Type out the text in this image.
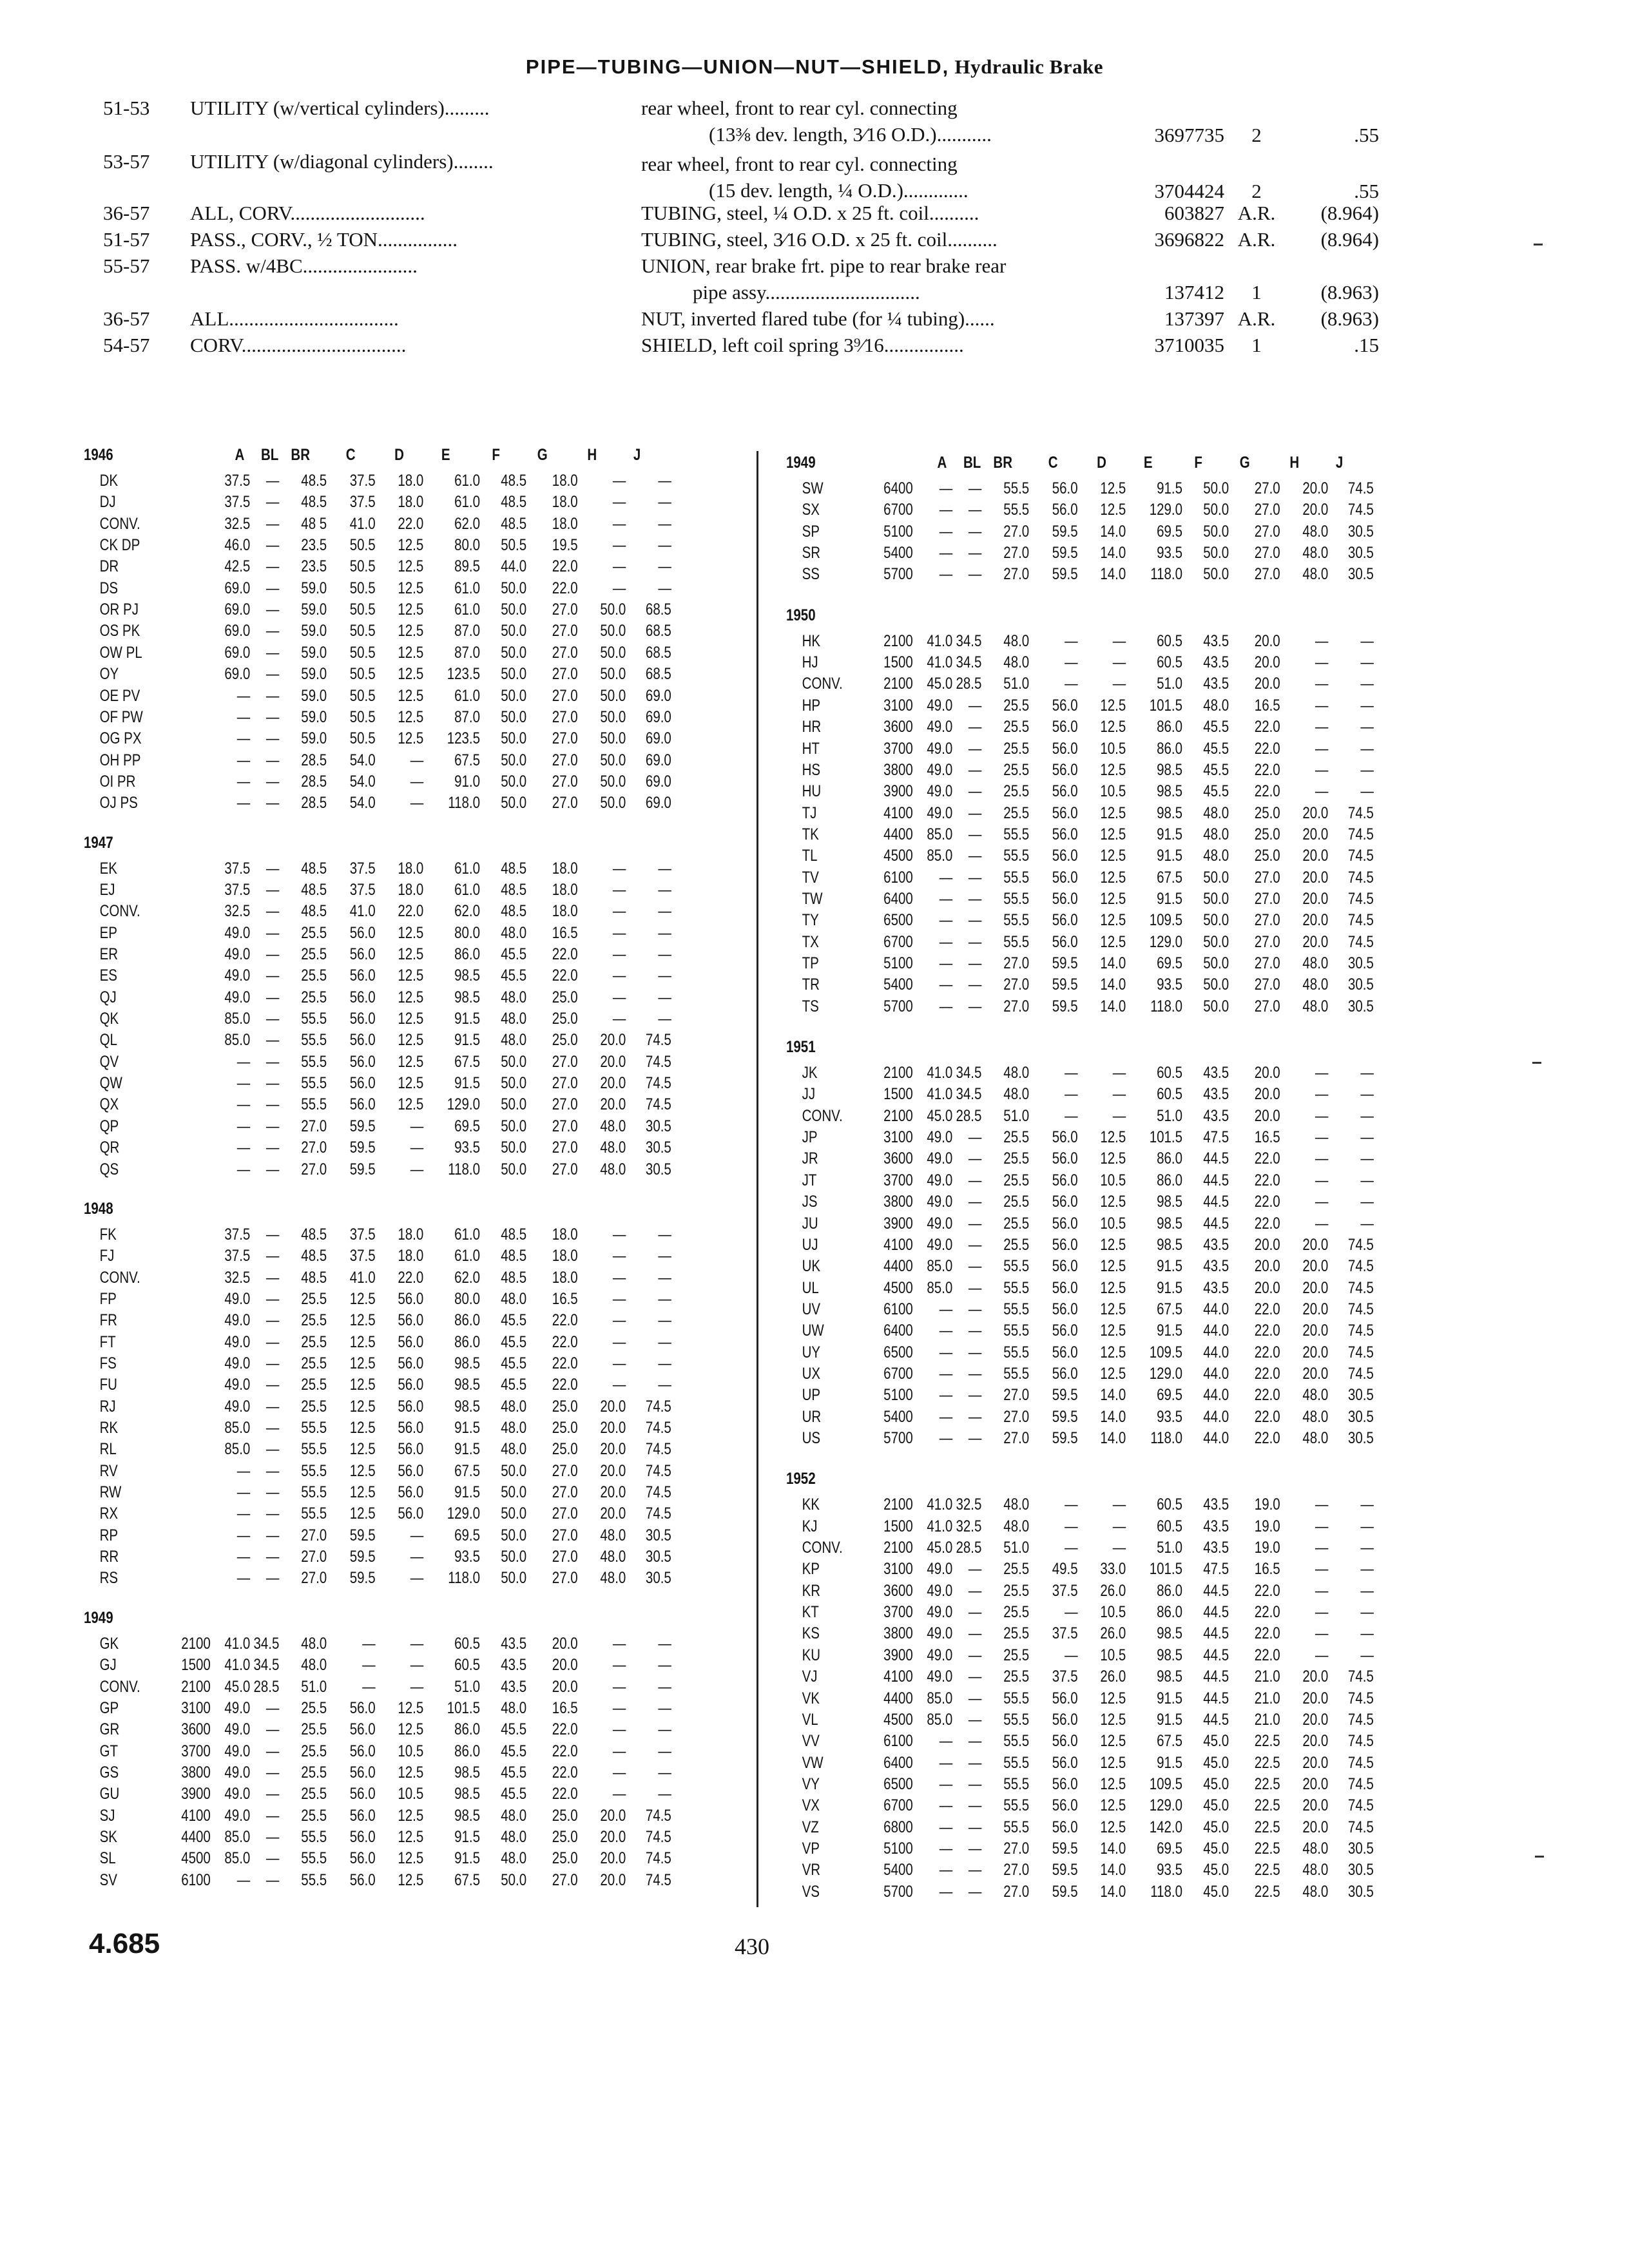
PIPE—TUBING—UNION—NUT—SHIELD, Hydraulic Brake
51-53 UTILITY (w/vertical cylinders).........	rear wheel, front to rear cyl. connecting
(13⅜ dev. length, 3⁄16 O.D.)...........	3697735	2	.55
53-57 UTILITY (w/diagonal cylinders)........	rear wheel, front to rear cyl. connecting
(15 dev. length, ¼ O.D.).............	3704424	2	.55
36-57 ALL, CORV...........................	TUBING, steel, ¼ O.D. x 25 ft. coil..........	603827 A.R. (8.964)
51-57 PASS., CORV., ½ TON................	TUBING, steel, 3⁄16 O.D. x 25 ft. coil..........	3696822 A.R. (8.964)
55-57 PASS. w/4BC.......................	UNION, rear brake frt. pipe to rear brake rear
pipe assy...............................	137412	1	(8.963)
36-57 ALL..................................	NUT, inverted flared tube (for ¼ tubing)......	137397 A.R. (8.963)
54-57 CORV.................................	SHIELD, left coil spring 3⁹⁄16................	3710035	1	.15
1946	A	BL BR	C	D	E	F	G	H	J
DK	37.5 —	48.5	37.5	18.0	61.0	48.5	18.0	—	—
DJ	37.5 —	48.5	37.5	18.0	61.0	48.5	18.0	—	—
CONV.	32.5 —	48 5	41.0	22.0	62.0	48.5	18.0	—	—
CK DP	46.0 —	23.5	50.5	12.5	80.0	50.5	19.5	—	—
DR	42.5 —	23.5	50.5	12.5	89.5	44.0	22.0	—	—
DS	69.0 —	59.0	50.5	12.5	61.0	50.0	22.0	—	—
OR PJ	69.0 —	59.0	50.5	12.5	61.0	50.0	27.0	50.0	68.5
OS PK	69.0 —	59.0	50.5	12.5	87.0	50.0	27.0	50.0	68.5
OW PL	69.0 —	59.0	50.5	12.5	87.0	50.0	27.0	50.0	68.5
OY	69.0 —	59.0	50.5	12.5	123.5	50.0	27.0	50.0	68.5
OE PV	— —	59.0	50.5	12.5	61.0	50.0	27.0	50.0	69.0
OF PW	— —	59.0	50.5	12.5	87.0	50.0	27.0	50.0	69.0
OG PX	— —	59.0	50.5	12.5	123.5	50.0	27.0	50.0	69.0
OH PP	— —	28.5	54.0	—	67.5	50.0	27.0	50.0	69.0
OI PR	— —	28.5	54.0	—	91.0	50.0	27.0	50.0	69.0
OJ PS	— —	28.5	54.0	—	118.0	50.0	27.0	50.0	69.0
1947
EK	37.5 —	48.5	37.5	18.0	61.0	48.5	18.0	—	—
EJ	37.5 —	48.5	37.5	18.0	61.0	48.5	18.0	—	—
CONV.	32.5 —	48.5	41.0	22.0	62.0	48.5	18.0	—	—
EP	49.0 —	25.5	56.0	12.5	80.0	48.0	16.5	—	—
ER	49.0 —	25.5	56.0	12.5	86.0	45.5	22.0	—	—
ES	49.0 —	25.5	56.0	12.5	98.5	45.5	22.0	—	—
QJ	49.0 —	25.5	56.0	12.5	98.5	48.0	25.0	—	—
QK	85.0 —	55.5	56.0	12.5	91.5	48.0	25.0	—	—
QL	85.0 —	55.5	56.0	12.5	91.5	48.0	25.0	20.0	74.5
QV	— —	55.5	56.0	12.5	67.5	50.0	27.0	20.0	74.5
QW	— —	55.5	56.0	12.5	91.5	50.0	27.0	20.0	74.5
QX	— —	55.5	56.0	12.5	129.0	50.0	27.0	20.0	74.5
QP	— —	27.0	59.5	—	69.5	50.0	27.0	48.0	30.5
QR	— —	27.0	59.5	—	93.5	50.0	27.0	48.0	30.5
QS	— —	27.0	59.5	—	118.0	50.0	27.0	48.0	30.5
1948
FK	37.5 —	48.5	37.5	18.0	61.0	48.5	18.0	—	—
FJ	37.5 —	48.5	37.5	18.0	61.0	48.5	18.0	—	—
CONV.	32.5 —	48.5	41.0	22.0	62.0	48.5	18.0	—	—
FP	49.0 —	25.5	12.5	56.0	80.0	48.0	16.5	—	—
FR	49.0 —	25.5	12.5	56.0	86.0	45.5	22.0	—	—
FT	49.0 —	25.5	12.5	56.0	86.0	45.5	22.0	—	—
FS	49.0 —	25.5	12.5	56.0	98.5	45.5	22.0	—	—
FU	49.0 —	25.5	12.5	56.0	98.5	45.5	22.0	—	—
RJ	49.0 —	25.5	12.5	56.0	98.5	48.0	25.0	20.0	74.5
RK	85.0 —	55.5	12.5	56.0	91.5	48.0	25.0	20.0	74.5
RL	85.0 —	55.5	12.5	56.0	91.5	48.0	25.0	20.0	74.5
RV	— —	55.5	12.5	56.0	67.5	50.0	27.0	20.0	74.5
RW	— —	55.5	12.5	56.0	91.5	50.0	27.0	20.0	74.5
RX	— —	55.5	12.5	56.0	129.0	50.0	27.0	20.0	74.5
RP	— —	27.0	59.5	—	69.5	50.0	27.0	48.0	30.5
RR	— —	27.0	59.5	—	93.5	50.0	27.0	48.0	30.5
RS	— —	27.0	59.5	—	118.0	50.0	27.0	48.0	30.5
1949
GK	2100 41.0 34.5	48.0	—	—	60.5	43.5	20.0	—	—
GJ	1500 41.0 34.5	48.0	—	—	60.5	43.5	20.0	—	—
CONV.	2100 45.0 28.5	51.0	—	—	51.0	43.5	20.0	—	—
GP	3100 49.0 —	25.5	56.0	12.5	101.5	48.0	16.5	—	—
GR	3600 49.0 —	25.5	56.0	12.5	86.0	45.5	22.0	—	—
GT	3700 49.0 —	25.5	56.0	10.5	86.0	45.5	22.0	—	—
GS	3800 49.0 —	25.5	56.0	12.5	98.5	45.5	22.0	—	—
GU	3900 49.0 —	25.5	56.0	10.5	98.5	45.5	22.0	—	—
SJ	4100 49.0 —	25.5	56.0	12.5	98.5	48.0	25.0	20.0	74.5
SK	4400 85.0 —	55.5	56.0	12.5	91.5	48.0	25.0	20.0	74.5
SL	4500 85.0 —	55.5	56.0	12.5	91.5	48.0	25.0	20.0	74.5
SV	6100	— —	55.5	56.0	12.5	67.5	50.0	27.0	20.0	74.5
1949	A	BL BR	C	D	E	F	G	H	J
SW	6400	— —	55.5	56.0	12.5	91.5	50.0	27.0	20.0	74.5
SX	6700	— —	55.5	56.0	12.5	129.0	50.0	27.0	20.0	74.5
SP	5100	— —	27.0	59.5	14.0	69.5	50.0	27.0	48.0	30.5
SR	5400	— —	27.0	59.5	14.0	93.5	50.0	27.0	48.0	30.5
SS	5700	— —	27.0	59.5	14.0	118.0	50.0	27.0	48.0	30.5
1950
HK	2100 41.0 34.5	48.0	—	—	60.5	43.5	20.0	—	—
HJ	1500 41.0 34.5	48.0	—	—	60.5	43.5	20.0	—	—
CONV.	2100 45.0 28.5	51.0	—	—	51.0	43.5	20.0	—	—
HP	3100 49.0 —	25.5	56.0	12.5	101.5	48.0	16.5	—	—
HR	3600 49.0 —	25.5	56.0	12.5	86.0	45.5	22.0	—	—
HT	3700 49.0 —	25.5	56.0	10.5	86.0	45.5	22.0	—	—
HS	3800 49.0 —	25.5	56.0	12.5	98.5	45.5	22.0	—	—
HU	3900 49.0 —	25.5	56.0	10.5	98.5	45.5	22.0	—	—
TJ	4100 49.0 —	25.5	56.0	12.5	98.5	48.0	25.0	20.0	74.5
TK	4400 85.0 —	55.5	56.0	12.5	91.5	48.0	25.0	20.0	74.5
TL	4500 85.0 —	55.5	56.0	12.5	91.5	48.0	25.0	20.0	74.5
TV	6100	— —	55.5	56.0	12.5	67.5	50.0	27.0	20.0	74.5
TW	6400	— —	55.5	56.0	12.5	91.5	50.0	27.0	20.0	74.5
TY	6500	— —	55.5	56.0	12.5	109.5	50.0	27.0	20.0	74.5
TX	6700	— —	55.5	56.0	12.5	129.0	50.0	27.0	20.0	74.5
TP	5100	— —	27.0	59.5	14.0	69.5	50.0	27.0	48.0	30.5
TR	5400	— —	27.0	59.5	14.0	93.5	50.0	27.0	48.0	30.5
TS	5700	— —	27.0	59.5	14.0	118.0	50.0	27.0	48.0	30.5
1951
JK	2100 41.0 34.5	48.0	—	—	60.5	43.5	20.0	—	—
JJ	1500 41.0 34.5	48.0	—	—	60.5	43.5	20.0	—	—
CONV.	2100 45.0 28.5	51.0	—	—	51.0	43.5	20.0	—	—
JP	3100 49.0 —	25.5	56.0	12.5	101.5	47.5	16.5	—	—
JR	3600 49.0 —	25.5	56.0	12.5	86.0	44.5	22.0	—	—
JT	3700 49.0 —	25.5	56.0	10.5	86.0	44.5	22.0	—	—
JS	3800 49.0 —	25.5	56.0	12.5	98.5	44.5	22.0	—	—
JU	3900 49.0 —	25.5	56.0	10.5	98.5	44.5	22.0	—	—
UJ	4100 49.0 —	25.5	56.0	12.5	98.5	43.5	20.0	20.0	74.5
UK	4400 85.0 —	55.5	56.0	12.5	91.5	43.5	20.0	20.0	74.5
UL	4500 85.0 —	55.5	56.0	12.5	91.5	43.5	20.0	20.0	74.5
UV	6100	— —	55.5	56.0	12.5	67.5	44.0	22.0	20.0	74.5
UW	6400	— —	55.5	56.0	12.5	91.5	44.0	22.0	20.0	74.5
UY	6500	— —	55.5	56.0	12.5	109.5	44.0	22.0	20.0	74.5
UX	6700	— —	55.5	56.0	12.5	129.0	44.0	22.0	20.0	74.5
UP	5100	— —	27.0	59.5	14.0	69.5	44.0	22.0	48.0	30.5
UR	5400	— —	27.0	59.5	14.0	93.5	44.0	22.0	48.0	30.5
US	5700	— —	27.0	59.5	14.0	118.0	44.0	22.0	48.0	30.5
1952
KK	2100 41.0 32.5	48.0	—	—	60.5	43.5	19.0	—	—
KJ	1500 41.0 32.5	48.0	—	—	60.5	43.5	19.0	—	—
CONV.	2100 45.0 28.5	51.0	—	—	51.0	43.5	19.0	—	—
KP	3100 49.0 —	25.5	49.5	33.0	101.5	47.5	16.5	—	—
KR	3600 49.0 —	25.5	37.5	26.0	86.0	44.5	22.0	—	—
KT	3700 49.0 —	25.5	—	10.5	86.0	44.5	22.0	—	—
KS	3800 49.0 —	25.5	37.5	26.0	98.5	44.5	22.0	—	—
KU	3900 49.0 —	25.5	—	10.5	98.5	44.5	22.0	—	—
VJ	4100 49.0 —	25.5	37.5	26.0	98.5	44.5	21.0	20.0	74.5
VK	4400 85.0 —	55.5	56.0	12.5	91.5	44.5	21.0	20.0	74.5
VL	4500 85.0 —	55.5	56.0	12.5	91.5	44.5	21.0	20.0	74.5
VV	6100	— —	55.5	56.0	12.5	67.5	45.0	22.5	20.0	74.5
VW	6400	— —	55.5	56.0	12.5	91.5	45.0	22.5	20.0	74.5
VY	6500	— —	55.5	56.0	12.5	109.5	45.0	22.5	20.0	74.5
VX	6700	— —	55.5	56.0	12.5	129.0	45.0	22.5	20.0	74.5
VZ	6800	— —	55.5	56.0	12.5	142.0	45.0	22.5	20.0	74.5
VP	5100	— —	27.0	59.5	14.0	69.5	45.0	22.5	48.0	30.5
VR	5400	— —	27.0	59.5	14.0	93.5	45.0	22.5	48.0	30.5
VS	5700	— —	27.0	59.5	14.0	118.0	45.0	22.5	48.0	30.5
4.685	430
